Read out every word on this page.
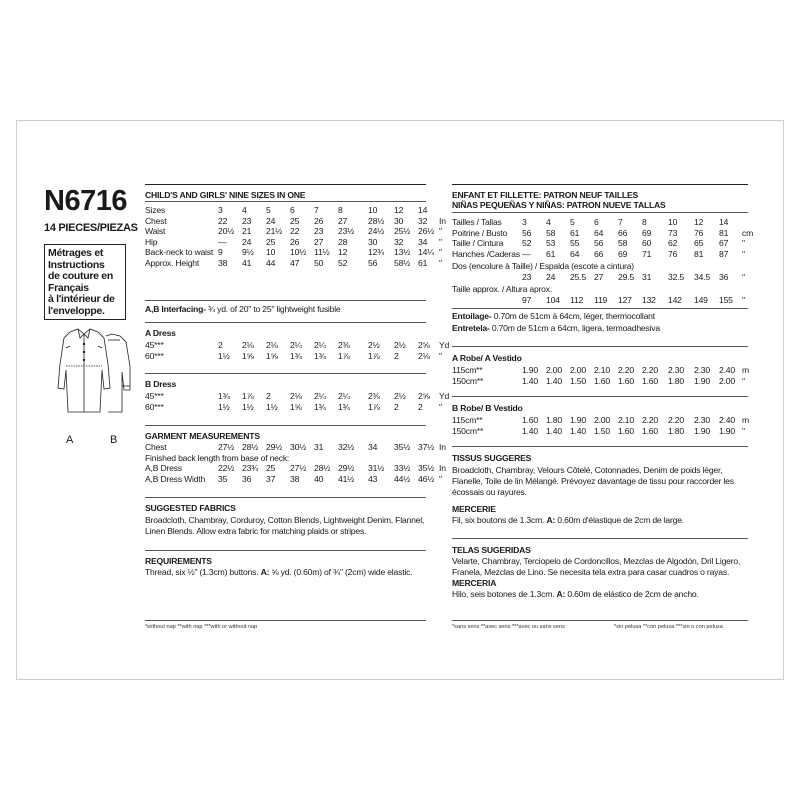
N6716
14 PIECES/PIEZAS
Métrages et
Instructions
de couture en
Français
à l'intérieur de
l'enveloppe.
A	B
CHILD'S AND GIRLS' NINE SIZES IN ONE
Sizes	3	4	5	6	7	8	10	12	14	
Chest	22	23	24	25	26	27	28½	30	32	In
Waist	20½	21	21½	22	23	23½	24½	25½	26½	"
Hip	—	24	25	26	27	28	30	32	34	"
Back-neck to waist	9	9½	10	10½	11½	12	12¾	13½	14¼	"
Approx. Height	38	41	44	47	50	52	56	58½	61	"
A,B Interfacing- ¾ yd. of 20" to 25" lightweight fusible
A Dress
45***	2	2⅛	2⅛	2¼	2¼	2⅜	2½	2½	2⅝	Yd
60***	1½	1⅝	1⅝	1¾	1¾	1⅞	1⅞	2	2⅛	"
B Dress
45***	1¾	1⅞	2	2⅛	2¼	2¼	2⅜	2½	2⅝	Yd
60***	1½	1½	1½	1⅝	1¾	1¾	1⅞	2	2	"
GARMENT MEASUREMENTS
Chest	27½	28½	29½	30½	31	32½	34	35½	37½	In
Finished back length from base of neck:										
A,B Dress	22½	23¾	25	27½	28½	29½	31½	33½	35½	In
A,B Dress Width	35	36	37	38	40	41½	43	44½	46½	"
SUGGESTED FABRICS
Broadcloth, Chambray, Corduroy, Cotton Blends, Lightweight Denim, Flannel, Linen Blends. Allow extra fabric for matching plaids or stripes.
REQUIREMENTS
Thread, six ½" (1.3cm) buttons. A: ⅝ yd. (0.60m) of ¾" (2cm) wide elastic.
*without nap **with nap ***with or without nap
ENFANT ET FILLETTE: PATRON NEUF TAILLES
NIÑAS PEQUEÑAS Y NIÑAS: PATRON NUEVE TALLAS
Tailles / Tallas	3	4	5	6	7	8	10	12	14	
Poitrine / Busto	56	58	61	64	66	69	73	76	81	cm
Taille / Cintura	52	53	55	56	58	60	62	65	67	"
Hanches /Caderas	—	61	64	66	69	71	76	81	87	"
Dos (encolure à Taille) / Espalda (escote a cintura)
	23	24	25.5	27	29.5	31	32.5	34.5	36	"
Taille approx. / Altura aprox.
	97	104	112	119	127	132	142	149	155	"
Entoilage- 0.70m de 51cm à 64cm, léger, thermocollant
Entretela- 0.70m de 51cm a 64cm, ligera, termoadhesiva
A Robe/ A Vestido
115cm**	1.90	2.00	2.00	2.10	2.20	2.20	2.30	2.30	2.40	m
150cm**	1.40	1.40	1.50	1.60	1.60	1.60	1.80	1.90	2.00	"
B Robe/ B Vestido
115cm**	1.60	1.80	1.90	2.00	2.10	2.20	2.20	2.30	2.40	m
150cm**	1.40	1.40	1.40	1.50	1.60	1.60	1.80	1.90	1.90	"
TISSUS SUGGERES
Broadcloth, Chambray, Velours Côtelé, Cotonnades, Denim de poids léger, Flanelle, Toile de lin Mélangé. Prévoyez davantage de tissu pour raccorder les écossais ou rayures.
MERCERIE
Fil, six boutons de 1.3cm. A: 0.60m d'élastique de 2cm de large.
TELAS SUGERIDAS
Velarte, Chambray, Terciopelo de Cordoncillos, Mezclas de Algodón, Dril Ligero, Franela, Mezclas de Lino. Se necesita tela extra para casar cuadros o rayas.
MERCERIA
Hilo, seis botones de 1.3cm. A: 0.60m de elástico de 2cm de ancho.
*sans sens **avec sens ***avec ou sans sens	*sin pelusa **con pelusa ***sin o con pelusa
